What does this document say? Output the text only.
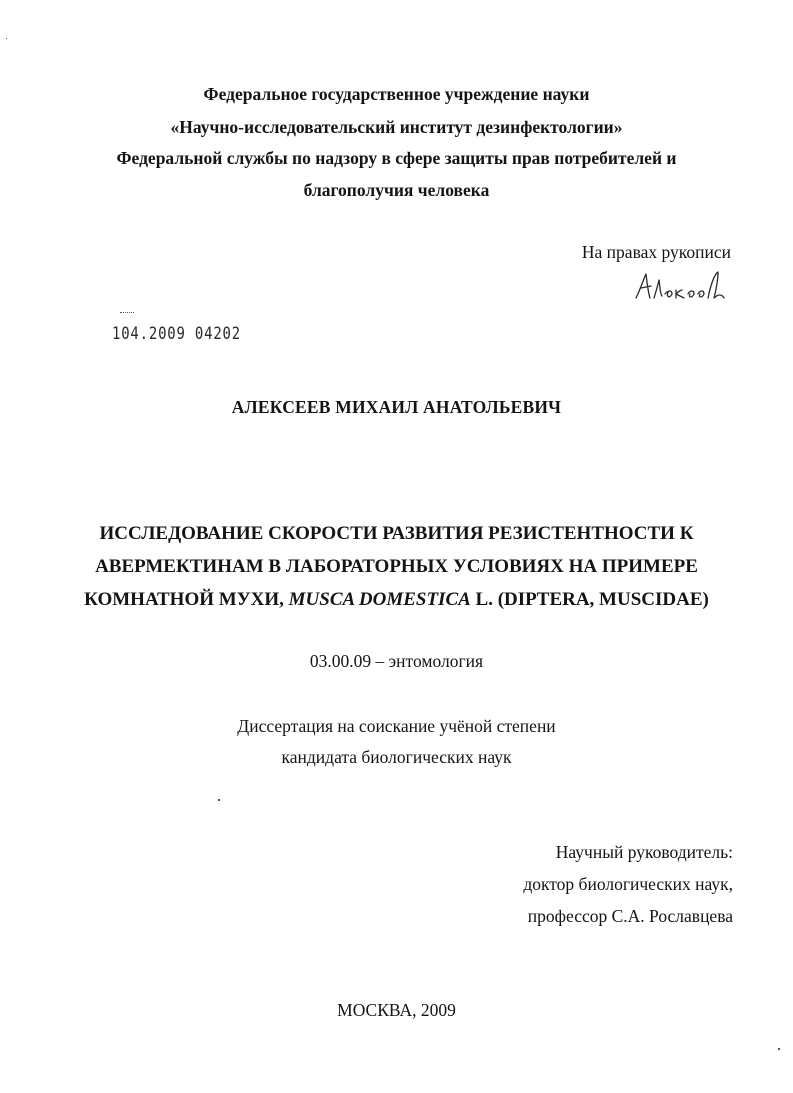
Федеральное государственное учреждение науки
«Научно-исследовательский институт дезинфектологии»
Федеральной службы по надзору в сфере защиты прав потребителей и
благополучия человека
На правах рукописи
104.2009 04202
АЛЕКСЕЕВ МИХАИЛ АНАТОЛЬЕВИЧ
ИССЛЕДОВАНИЕ СКОРОСТИ РАЗВИТИЯ РЕЗИСТЕНТНОСТИ К
АВЕРМЕКТИНАМ В ЛАБОРАТОРНЫХ УСЛОВИЯХ НА ПРИМЕРЕ
КОМНАТНОЙ МУХИ, MUSCA DOMESTICA L. (DIPTERA, MUSCIDAE)
03.00.09 – энтомология
Диссертация на соискание учёной степени
кандидата биологических наук
Научный руководитель:
доктор биологических наук,
профессор С.А. Рославцева
МОСКВА, 2009
